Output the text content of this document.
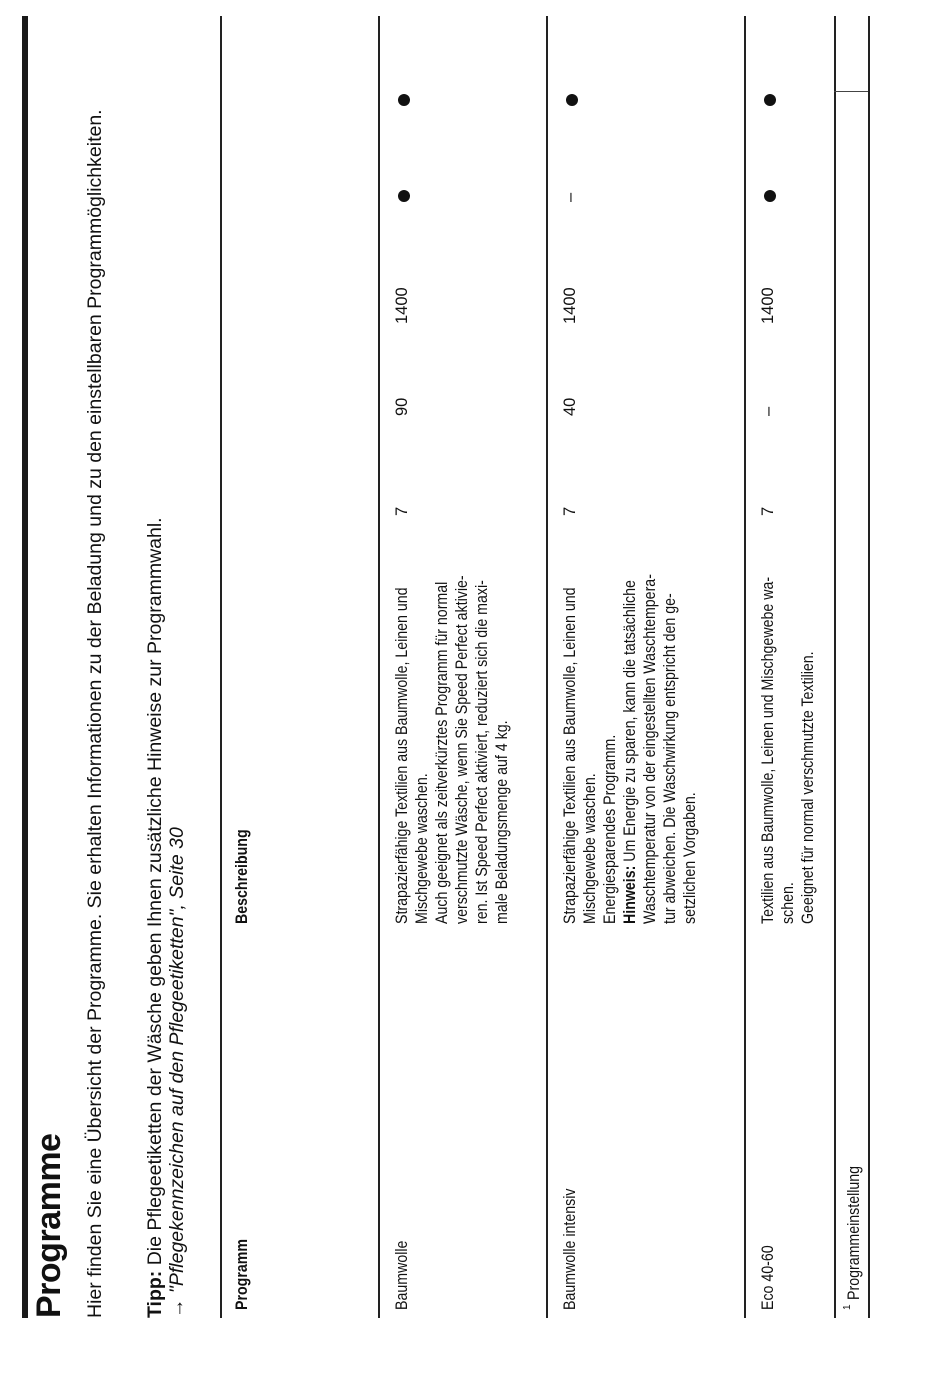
Programme Hier finden Sie eine Übersicht der Programme. Sie erhalten Informationen zu der Beladung und zu den einstellbaren Programmöglichkeiten. Tipp: Die Pflegeetiketten der Wäsche geben Ihnen zusätzliche Hinweise zur Programmwahl.
→ "Pflegekennzeichen auf den Pflegeetiketten", Seite 30	Programm
Beschreibung
Baumwolle
Strapazierfähige Textilien aus Baumwolle, Leinen und Mischgewebe waschen. Auch geeignet als zeitverkürztes Programm für normal verschmutzte Wäsche, wenn Sie Speed Perfect aktivie- ren. Ist Speed Perfect aktiviert, reduziert sich die maxi- male Beladungsmenge auf 4 kg.
7
90
1400
Baumwolle intensiv
Strapazierfähige Textilien aus Baumwolle, Leinen und Mischgewebe waschen. Energiesparendes Programm. Hinweis: Um Energie zu sparen, kann die tatsächliche Waschtemperatur von der eingestellten Waschtempera- tur abweichen. Die Waschwirkung entspricht den ge- setzlichen Vorgaben.
7
40
1400
–
Eco 40-60
Textilien aus Baumwolle, Leinen und Mischgewebe wa- schen. Geeignet für normal verschmutzte Textilien.
7
–
1400
$^1$ Programmeinstellung
